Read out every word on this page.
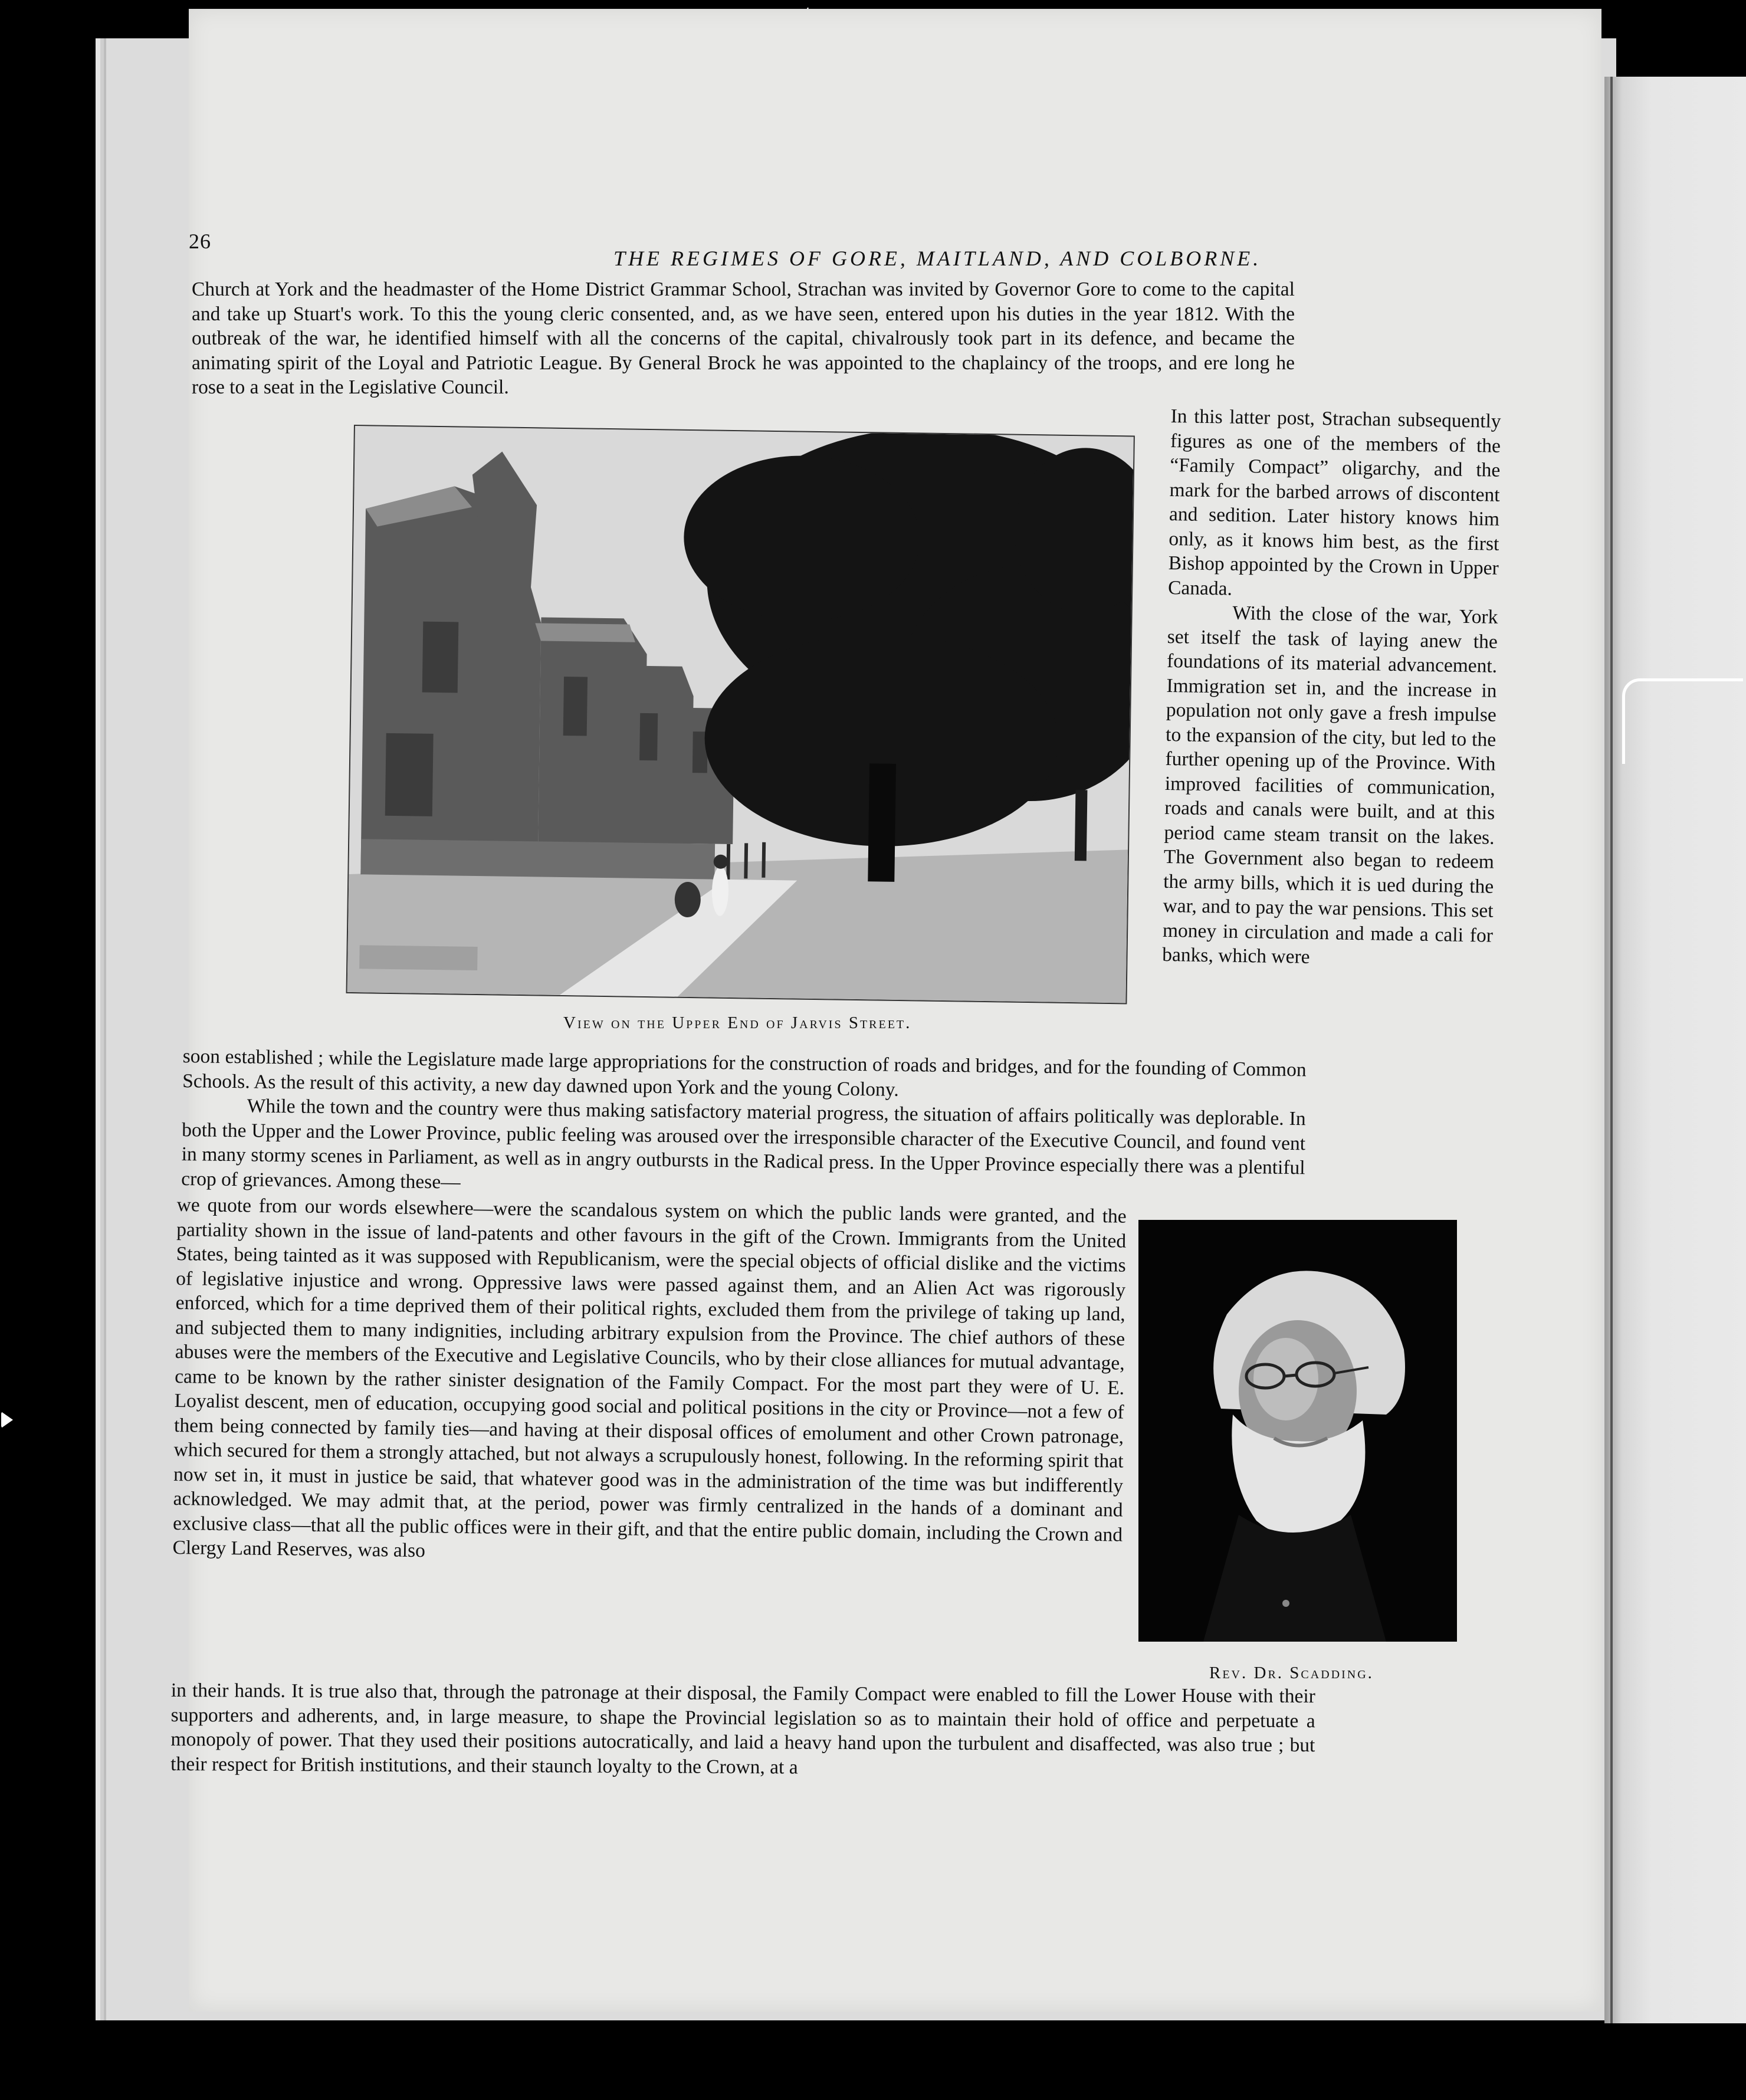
26
THE REGIMES OF GORE, MAITLAND, AND COLBORNE.

Church at York and the headmaster of the Home District Grammar School, Strachan was invited by Governor Gore to come to the capital and take up Stuart's work. To this the young cleric consented, and, as we have seen, entered upon his duties in the year 1812. With the outbreak of the war, he identified himself with all the concerns of the capital, chivalrously took part in its defence, and became the animating spirit of the Loyal and Patriotic League. By General Brock he was appointed to the chaplaincy of the troops, and ere long he rose to a seat in the Legislative Council.

View on the Upper End of Jarvis Street.

In this latter post, Strachan subsequently figures as one of the members of the “Family Compact” oligarchy, and the mark for the barbed arrows of discontent and sedition. Later history knows him only, as it knows him best, as the first Bishop appointed by the Crown in Upper Canada.

With the close of the war, York set itself the task of laying anew the foundations of its material advancement. Immigration set in, and the increase in population not only gave a fresh impulse to the expansion of the city, but led to the further opening up of the Province. With improved facilities of communication, roads and canals were built, and at this period came steam transit on the lakes. The Government also began to redeem the army bills, which it is ued during the war, and to pay the war pensions. This set money in circulation and made a cali for banks, which were

soon established ; while the Legislature made large appropriations for the construction of roads and bridges, and for the founding of Common Schools. As the result of this activity, a new day dawned upon York and the young Colony.

While the town and the country were thus making satisfactory material progress, the situation of affairs politically was deplorable. In both the Upper and the Lower Province, public feeling was aroused over the irresponsible character of the Executive Council, and found vent in many stormy scenes in Parliament, as well as in angry outbursts in the Radical press. In the Upper Province especially there was a plentiful crop of grievances. Among these—

we quote from our words elsewhere—were the scandalous system on which the public lands were granted, and the partiality shown in the issue of land-patents and other favours in the gift of the Crown. Immigrants from the United States, being tainted as it was supposed with Republicanism, were the special objects of official dislike and the victims of legislative injustice and wrong. Oppressive laws were passed against them, and an Alien Act was rigorously enforced, which for a time deprived them of their political rights, excluded them from the privilege of taking up land, and subjected them to many indignities, including arbitrary expulsion from the Province. The chief authors of these abuses were the members of the Executive and Legislative Councils, who by their close alliances for mutual advantage, came to be known by the rather sinister designation of the Family Compact. For the most part they were of U. E. Loyalist descent, men of education, occupying good social and political positions in the city or Province—not a few of them being connected by family ties—and having at their disposal offices of emolument and other Crown patronage, which secured for them a strongly attached, but not always a scrupulously honest, following. In the reforming spirit that now set in, it must in justice be said, that whatever good was in the administration of the time was but indifferently acknowledged. We may admit that, at the period, power was firmly centralized in the hands of a dominant and exclusive class—that all the public offices were in their gift, and that the entire public domain, including the Crown and Clergy Land Reserves, was also

Rev. Dr. Scadding.

in their hands. It is true also that, through the patronage at their disposal, the Family Compact were enabled to fill the Lower House with their supporters and adherents, and, in large measure, to shape the Provincial legislation so as to maintain their hold of office and perpetuate a monopoly of power. That they used their positions autocratically, and laid a heavy hand upon the turbulent and disaffected, was also true ; but their respect for British institutions, and their staunch loyalty to the Crown, at a
